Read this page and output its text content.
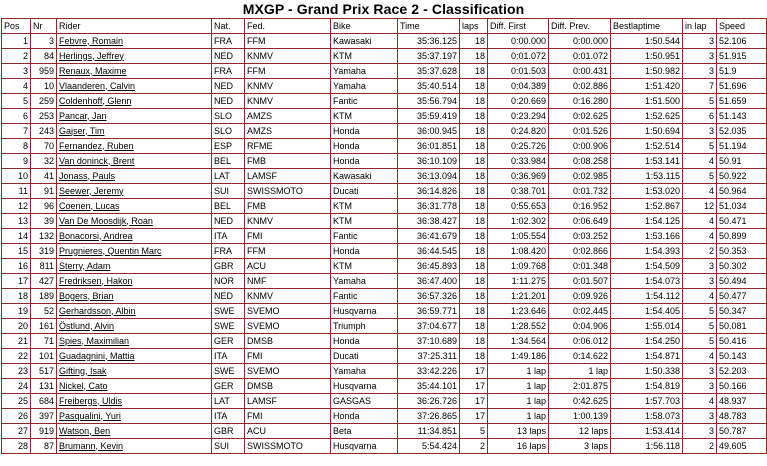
MXGP - Grand Prix Race 2 - Classification
Pos	Nr	Rider	Nat.	Fed.	Bike	Time	laps	Diff. First	Diff. Prev.	Bestlaptime	in lap	Speed
1	3	Febvre, Romain	FRA	FFM	Kawasaki	35:36.125	18	0:00.000	0:00.000	1:50.544	3	52.106
2	84	Herlings, Jeffrey	NED	KNMV	KTM	35:37.197	18	0:01.072	0:01.072	1:50.951	3	51.915
3	959	Renaux, Maxime	FRA	FFM	Yamaha	35:37.628	18	0:01.503	0:00.431	1:50.982	3	51.9
4	10	Vlaanderen, Calvin	NED	KNMV	Yamaha	35:40.514	18	0:04.389	0:02.886	1:51.420	7	51.696
5	259	Coldenhoff, Glenn	NED	KNMV	Fantic	35:56.794	18	0:20.669	0:16.280	1:51.500	5	51.659
6	253	Pancar, Jan	SLO	AMZS	KTM	35:59.419	18	0:23.294	0:02.625	1:52.625	6	51.143
7	243	Gajser, Tim	SLO	AMZS	Honda	36:00.945	18	0:24.820	0:01.526	1:50.694	3	52.035
8	70	Fernandez, Ruben	ESP	RFME	Honda	36:01.851	18	0:25.726	0:00.906	1:52.514	5	51.194
9	32	Van doninck, Brent	BEL	FMB	Honda	36:10.109	18	0:33.984	0:08.258	1:53.141	4	50.91
10	41	Jonass, Pauls	LAT	LAMSF	Kawasaki	36:13.094	18	0:36.969	0:02.985	1:53.115	5	50.922
11	91	Seewer, Jeremy	SUI	SWISSMOTO	Ducati	36:14.826	18	0:38.701	0:01.732	1:53.020	4	50.964
12	96	Coenen, Lucas	BEL	FMB	KTM	36:31.778	18	0:55.653	0:16.952	1:52.867	12	51.034
13	39	Van De Moosdijk, Roan	NED	KNMV	KTM	36:38.427	18	1:02.302	0:06.649	1:54.125	4	50.471
14	132	Bonacorsi, Andrea	ITA	FMI	Fantic	36:41.679	18	1:05.554	0:03.252	1:53.166	4	50.899
15	319	Prugnieres, Quentin Marc	FRA	FFM	Honda	36:44.545	18	1:08.420	0:02.866	1:54.393	2	50.353
16	811	Sterry, Adam	GBR	ACU	KTM	36:45.893	18	1:09.768	0:01.348	1:54.509	3	50.302
17	427	Fredriksen, Hakon	NOR	NMF	Yamaha	36:47.400	18	1:11.275	0:01.507	1:54.073	3	50.494
18	189	Bogers, Brian	NED	KNMV	Fantic	36:57.326	18	1:21.201	0:09.926	1:54.112	4	50.477
19	52	Gerhardsson, Albin	SWE	SVEMO	Husqvarna	36:59.771	18	1:23.646	0:02.445	1:54.405	5	50.347
20	161	Östlund, Alvin	SWE	SVEMO	Triumph	37:04.677	18	1:28.552	0:04.906	1:55.014	5	50.081
21	71	Spies, Maximilian	GER	DMSB	Honda	37:10.689	18	1:34.564	0:06.012	1:54.250	5	50.416
22	101	Guadagnini, Mattia	ITA	FMI	Ducati	37:25.311	18	1:49.186	0:14.622	1:54.871	4	50.143
23	517	Gifting, Isak	SWE	SVEMO	Yamaha	33:42.226	17	1 lap	1 lap	1:50.338	3	52.203
24	131	Nickel, Cato	GER	DMSB	Husqvarna	35:44.101	17	1 lap	2:01.875	1:54.819	3	50.166
25	684	Freibergs, Uldis	LAT	LAMSF	GASGAS	36:26.726	17	1 lap	0:42.625	1:57.703	4	48.937
26	397	Pasqualini, Yuri	ITA	FMI	Honda	37:26.865	17	1 lap	1:00.139	1:58.073	3	48.783
27	919	Watson, Ben	GBR	ACU	Beta	11:34.851	5	13 laps	12 laps	1:53.414	3	50.787
28	87	Brumann, Kevin	SUI	SWISSMOTO	Husqvarna	5:54.424	2	16 laps	3 laps	1:56.118	2	49.605
